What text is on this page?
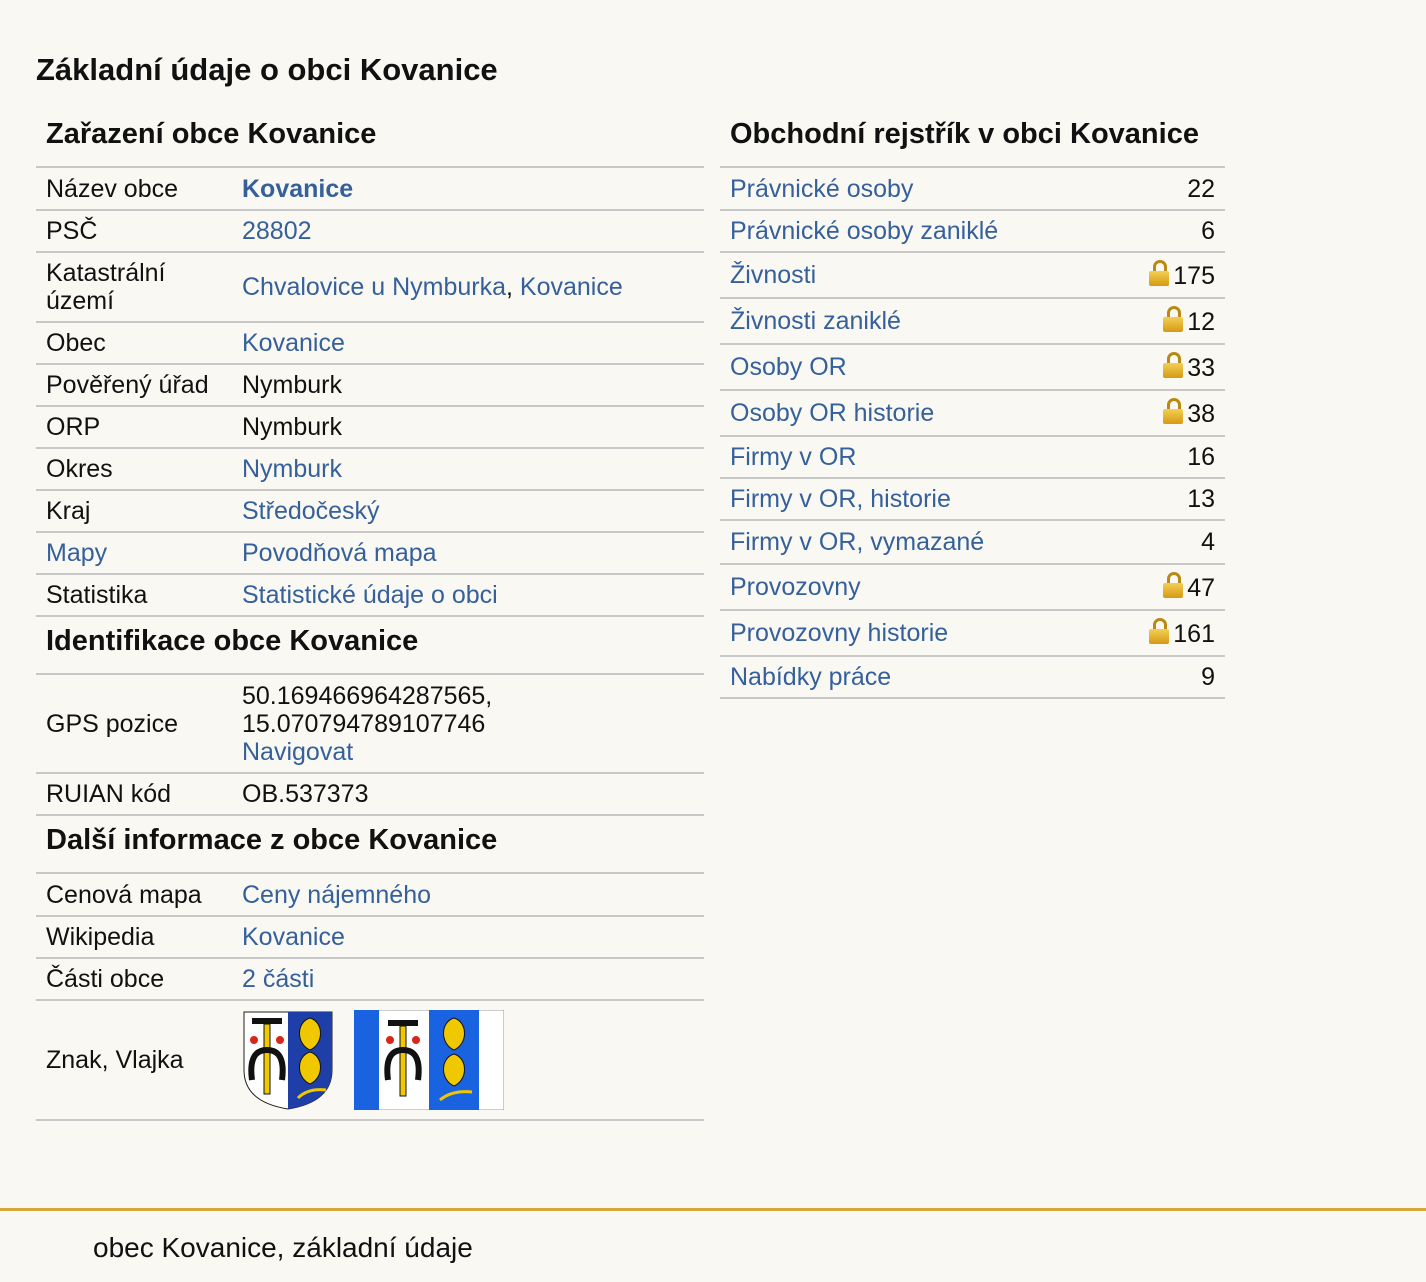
Základní údaje o obci Kovanice
Zařazení obce Kovanice
Název obce	Kovanice
PSČ	28802
Katastrální území	Chvalovice u Nymburka, Kovanice
Obec	Kovanice
Pověřený úřad	Nymburk
ORP	Nymburk
Okres	Nymburk
Kraj	Středočeský
Mapy	Povodňová mapa
Statistika	Statistické údaje o obci
Identifikace obce Kovanice
GPS pozice	50.169466964287565,
15.070794789107746
Navigovat

RUIAN kód	OB.537373
Další informace z obce Kovanice
Cenová mapa	Ceny nájemného
Wikipedia	Kovanice
Části obce	2 části
Znak, Vlajka	
Obchodní rejstřík v obci Kovanice
Právnické osoby	22
Právnické osoby zaniklé	6
Živnosti	175
Živnosti zaniklé	12
Osoby OR	33
Osoby OR historie	38
Firmy v OR	16
Firmy v OR, historie	13
Firmy v OR, vymazané	4
Provozovny	47
Provozovny historie	161
Nabídky práce	9
obec Kovanice, základní údaje
